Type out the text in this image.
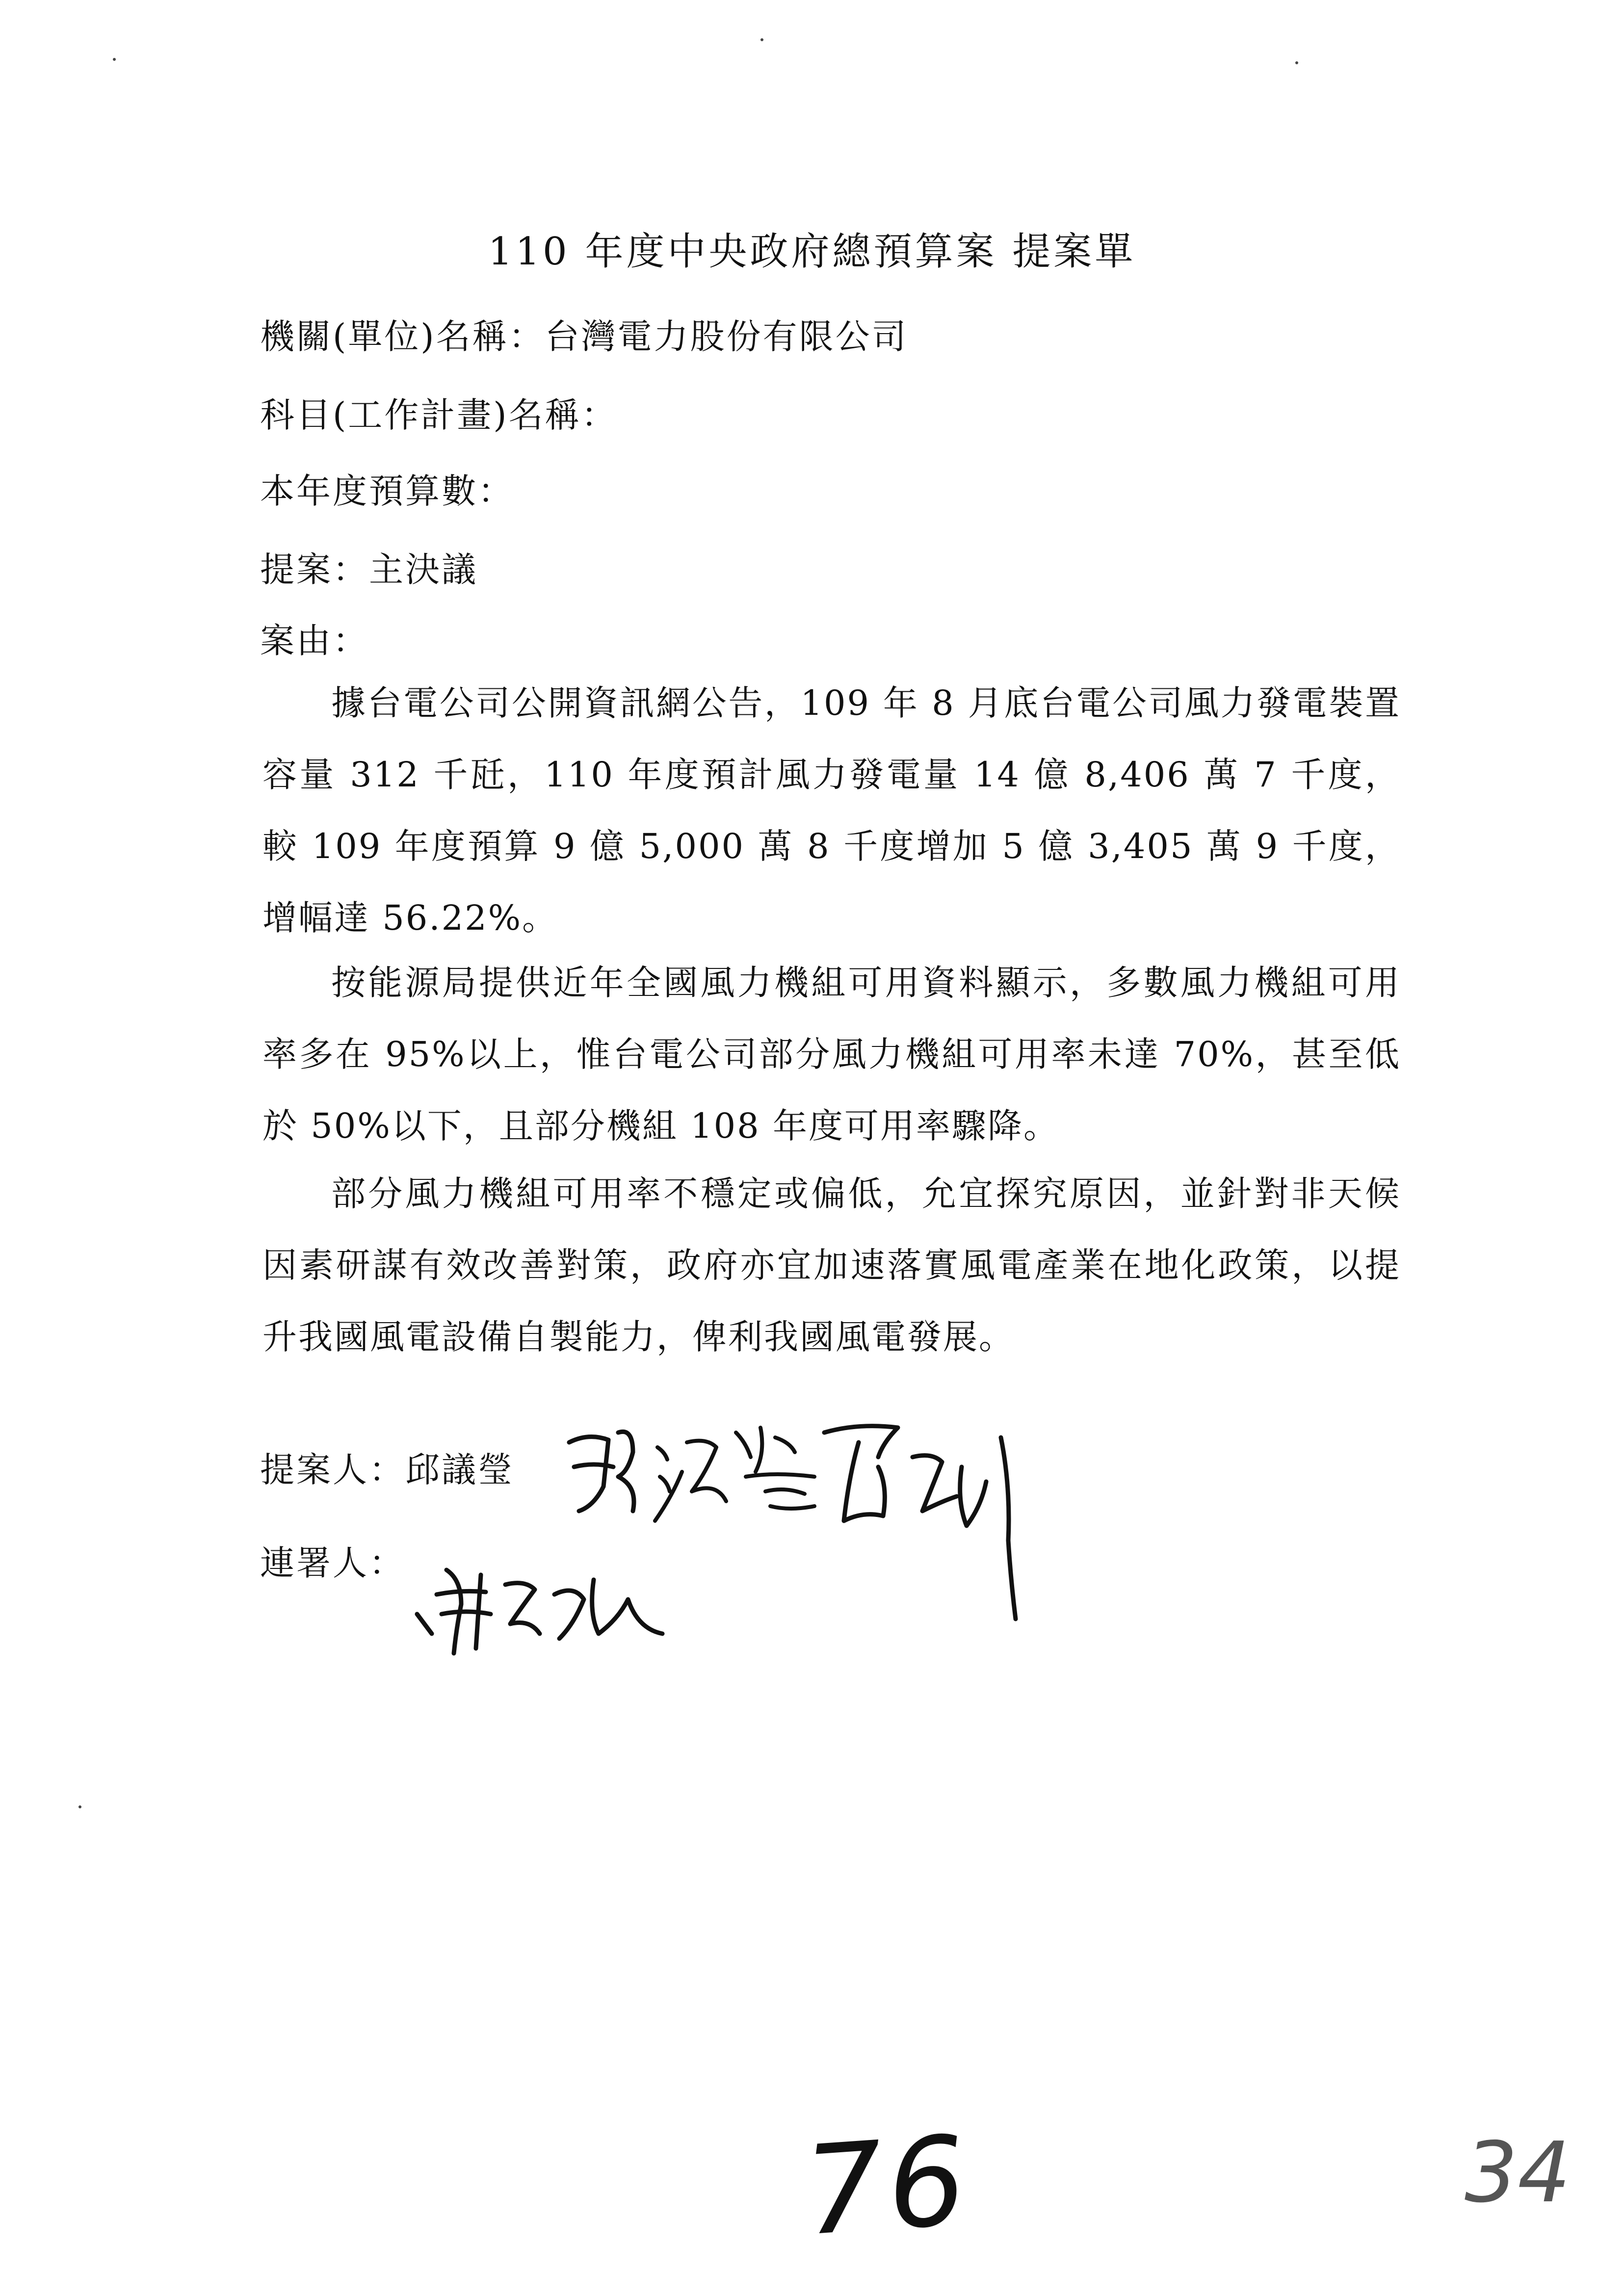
110 年度中央政府總預算案 提案單
機關(單位)名稱：台灣電力股份有限公司
科目(工作計畫)名稱：
本年度預算數：
提案：主決議
案由：

據台電公司公開資訊網公告，109 年 8 月底台電公司風力發電裝置容量 312 千瓩，110 年度預計風力發電量 14 億 8,406 萬 7 千度，較 109 年度預算 9 億 5,000 萬 8 千度增加 5 億 3,405 萬 9 千度，增幅達 56.22%。

按能源局提供近年全國風力機組可用資料顯示，多數風力機組可用率多在 95%以上，惟台電公司部分風力機組可用率未達 70%，甚至低於 50%以下，且部分機組 108 年度可用率驟降。

部分風力機組可用率不穩定或偏低，允宜探究原因，並針對非天候因素研謀有效改善對策，政府亦宜加速落實風電產業在地化政策，以提升我國風電設備自製能力，俾利我國風電發展。

提案人：邱議瑩
連署人：
76	34
